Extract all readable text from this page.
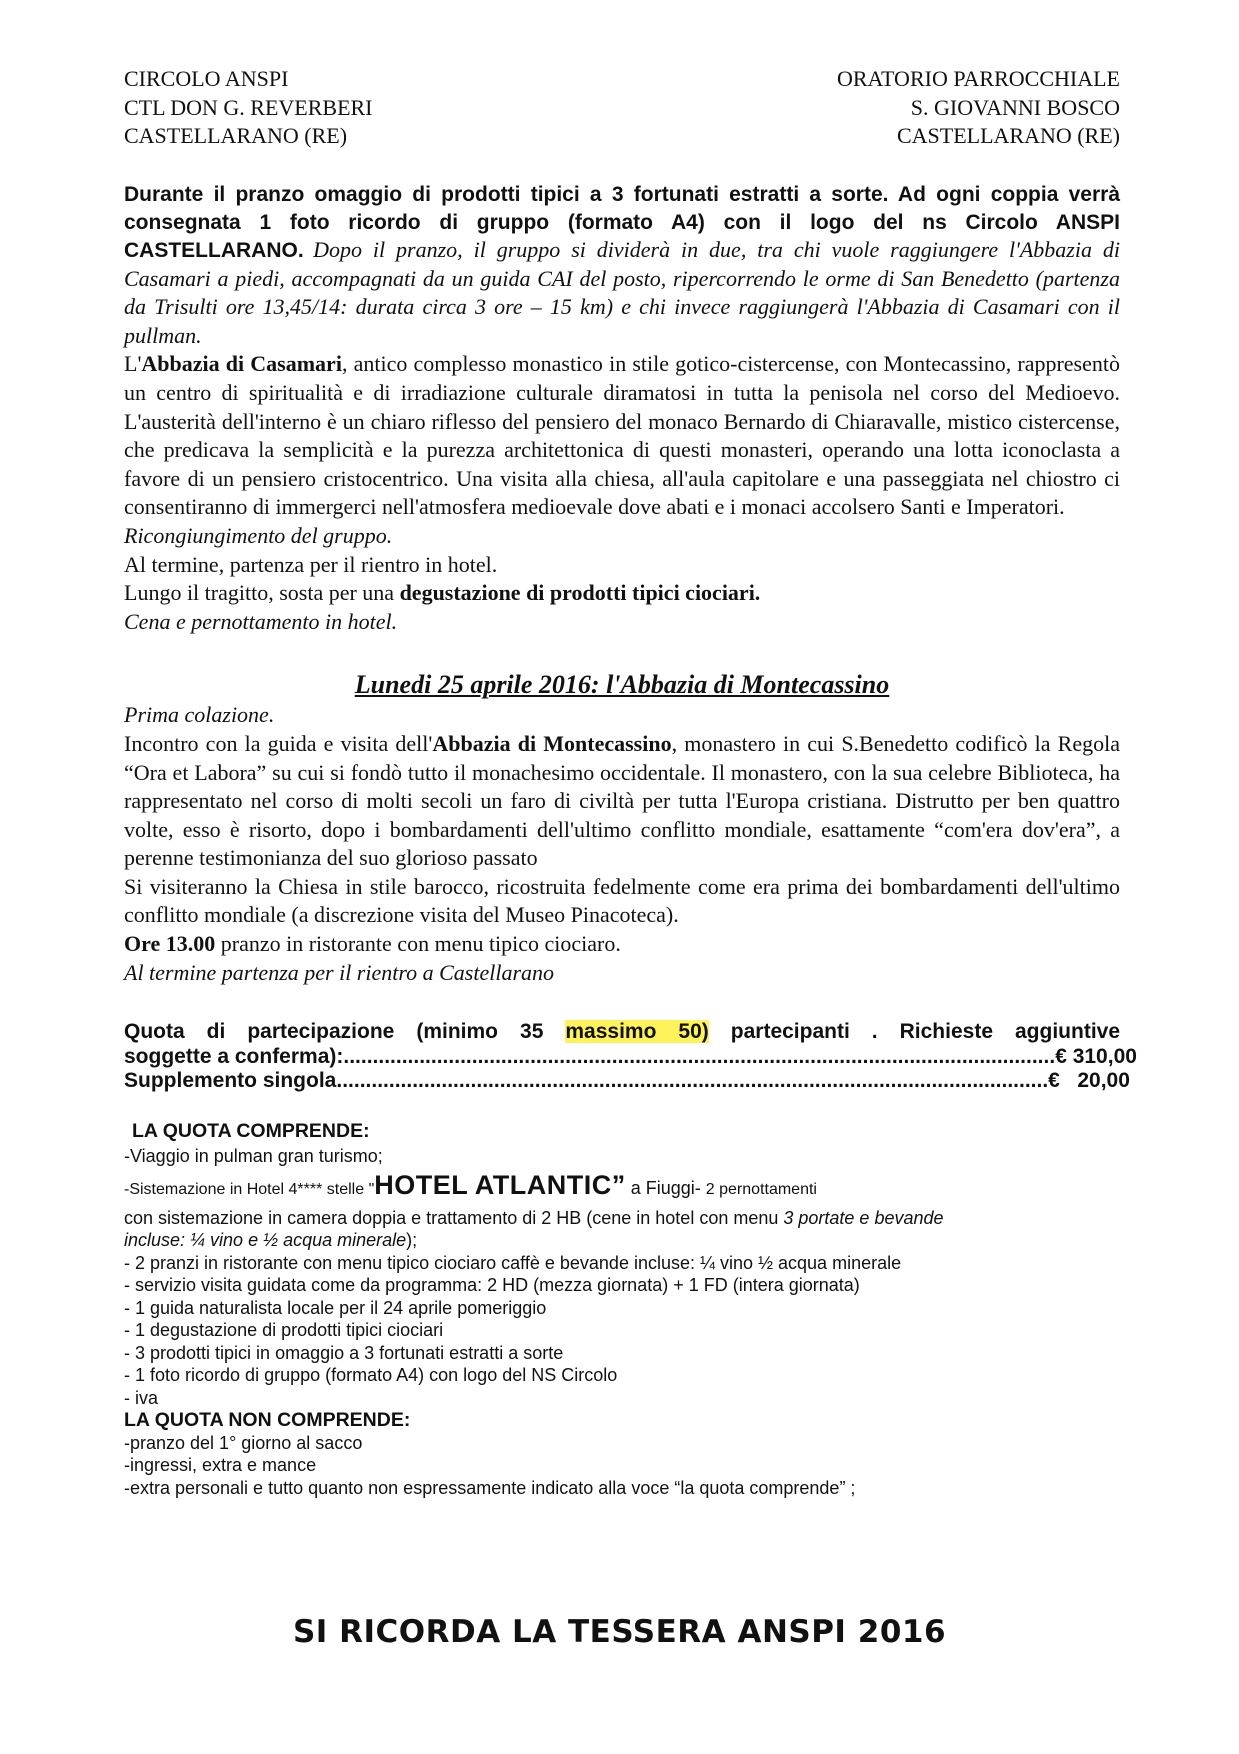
CIRCOLO ANSPI
CTL DON G. REVERBERI
CASTELLARANO (RE)
ORATORIO PARROCCHIALE
S. GIOVANNI BOSCO
CASTELLARANO (RE)

Durante il pranzo omaggio di prodotti tipici a 3 fortunati estratti a sorte. Ad ogni coppia verrà consegnata 1 foto ricordo di gruppo (formato A4) con il logo del ns Circolo ANSPI CASTELLARANO. Dopo il pranzo, il gruppo si dividerà in due, tra chi vuole raggiungere l'Abbazia di Casamari a piedi, accompagnati da un guida CAI del posto, ripercorrendo le orme di San Benedetto (partenza da Trisulti ore 13,45/14: durata circa 3 ore – 15 km) e chi invece raggiungerà l'Abbazia di Casamari con il pullman.

L'Abbazia di Casamari, antico complesso monastico in stile gotico-cistercense, con Montecassino, rappresentò un centro di spiritualità e di irradiazione culturale diramatosi in tutta la penisola nel corso del Medioevo. L'austerità dell'interno è un chiaro riflesso del pensiero del monaco Bernardo di Chiaravalle, mistico cistercense, che predicava la semplicità e la purezza architettonica di questi monasteri, operando una lotta iconoclasta a favore di un pensiero cristocentrico. Una visita alla chiesa, all'aula capitolare e una passeggiata nel chiostro ci consentiranno di immergerci nell'atmosfera medioevale dove abati e i monaci accolsero Santi e Imperatori.

Ricongiungimento del gruppo.

Al termine, partenza per il rientro in hotel.

Lungo il tragitto, sosta per una degustazione di prodotti tipici ciociari.

Cena e pernottamento in hotel.

Lunedi 25 aprile 2016: l'Abbazia di Montecassino

Prima colazione.

Incontro con la guida e visita dell'Abbazia di Montecassino, monastero in cui S.Benedetto codificò la Regola “Ora et Labora” su cui si fondò tutto il monachesimo occidentale. Il monastero, con la sua celebre Biblioteca, ha rappresentato nel corso di molti secoli un faro di civiltà per tutta l'Europa cristiana. Distrutto per ben quattro volte, esso è risorto, dopo i bombardamenti dell'ultimo conflitto mondiale, esattamente “com'era dov'era”, a perenne testimonianza del suo glorioso passato

Si visiteranno la Chiesa in stile barocco, ricostruita fedelmente come era prima dei bombardamenti dell'ultimo conflitto mondiale (a discrezione visita del Museo Pinacoteca).

Ore 13.00 pranzo in ristorante con menu tipico ciociaro.

Al termine partenza per il rientro a Castellarano

Quota di partecipazione (minimo 35 massimo 50) partecipanti . Richieste aggiuntive
soggette a conferma): .......................................................................................................................... € 310,00
Supplemento singola .......................................................................................................................... €   20,00
LA QUOTA COMPRENDE:
-Viaggio in pulman gran turismo;
-Sistemazione in Hotel 4**** stelle "HOTEL ATLANTIC” a Fiuggi- 2 pernottamenti
con sistemazione in camera doppia e trattamento di 2 HB (cene in hotel con menu 3 portate e bevande
incluse: ¼ vino e ½ acqua minerale);
- 2 pranzi in ristorante con menu tipico ciociaro caffè e bevande incluse: ¼ vino ½ acqua minerale
- servizio visita guidata come da programma: 2 HD (mezza giornata) + 1 FD (intera giornata)
- 1 guida naturalista locale per il 24 aprile pomeriggio
- 1 degustazione di prodotti tipici ciociari
- 3 prodotti tipici in omaggio a 3 fortunati estratti a sorte
- 1 foto ricordo di gruppo (formato A4) con logo del NS Circolo
- iva
LA QUOTA NON COMPRENDE:
-pranzo del 1° giorno al sacco
-ingressi, extra e mance
-extra personali e tutto quanto non espressamente indicato alla voce “la quota comprende” ;
SI RICORDA LA TESSERA ANSPI 2016
